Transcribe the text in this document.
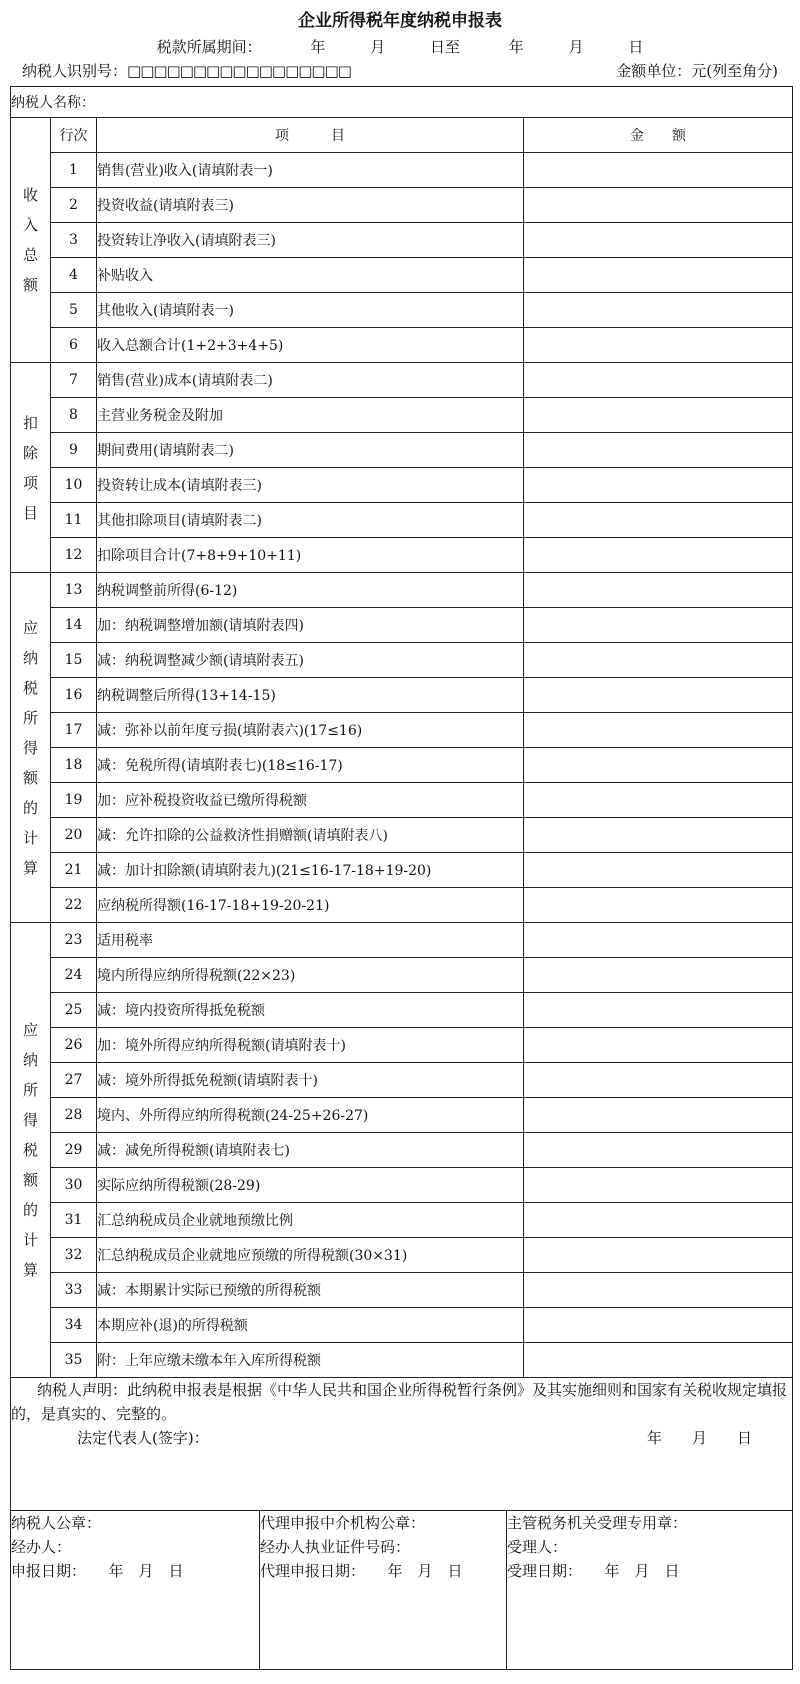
企业所得税年度纳税申报表
税款所属期间：	年	月	日至	年	月	日
纳税人识别号：□□□□□□□□□□□□□□□□□	金额单位：元(列至角分)
纳税人名称：
收入总额	行次	项　　　目	金　　额
1	销售(营业)收入(请填附表一)	
2	投资收益(请填附表三)	
3	投资转让净收入(请填附表三)	
4	补贴收入	
5	其他收入(请填附表一)	
6	收入总额合计(1+2+3+4+5)	
扣除项目	7	销售(营业)成本(请填附表二)	
8	主营业务税金及附加	
9	期间费用(请填附表二)	
10	投资转让成本(请填附表三)	
11	其他扣除项目(请填附表二)	
12	扣除项目合计(7+8+9+10+11)	
应纳税所得额的计算	13	纳税调整前所得(6-12)	
14	加：纳税调整增加额(请填附表四)	
15	减：纳税调整减少额(请填附表五)	
16	纳税调整后所得(13+14-15)	
17	减：弥补以前年度亏损(填附表六)(17≤16)	
18	减：免税所得(请填附表七)(18≤16-17)	
19	加：应补税投资收益已缴所得税额	
20	减：允许扣除的公益救济性捐赠额(请填附表八)	
21	减：加计扣除额(请填附表九)(21≤16-17-18+19-20)	
22	应纳税所得额(16-17-18+19-20-21)	
应纳所得税额的计算	23	适用税率	
24	境内所得应纳所得税额(22×23)	
25	减：境内投资所得抵免税额	
26	加：境外所得应纳所得税额(请填附表十)	
27	减：境外所得抵免税额(请填附表十)	
28	境内、外所得应纳所得税额(24-25+26-27)	
29	减：减免所得税额(请填附表七)	
30	实际应纳所得税额(28-29)	
31	汇总纳税成员企业就地预缴比例	
32	汇总纳税成员企业就地应预缴的所得税额(30×31)	
33	减：本期累计实际已预缴的所得税额	
34	本期应补(退)的所得税额	
35	附：上年应缴未缴本年入库所得税额	

纳税人声明：此纳税申报表是根据《中华人民共和国企业所得税暂行条例》及其实施细则和国家有关税收规定填报的，是真实的、完整的。
法定代表人(签字)：	年　　月　　日

纳税人公章：
经办人：
申报日期：　　年　月　日

代理申报中介机构公章：
经办人执业证件号码：
代理申报日期：　　年　月　日

主管税务机关受理专用章：
受理人：
受理日期：　　年　月　日
